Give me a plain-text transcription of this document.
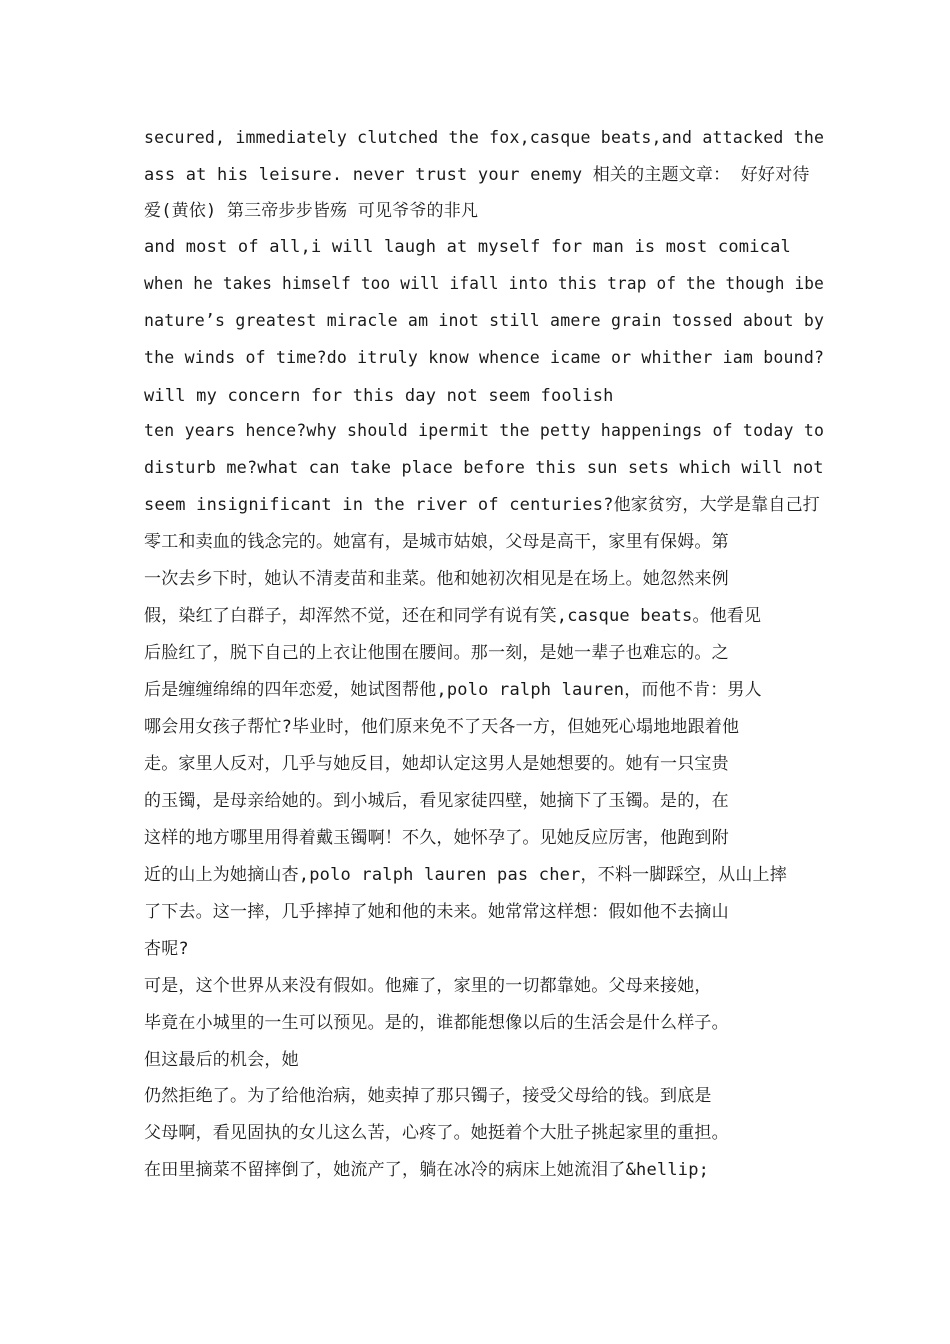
secured, immediately clutched the fox,casque beats,and attacked the
ass at his leisure. never trust your enemy 相关的主题文章： 好好对待
爱(黄依) 第三帝步步皆殇 可见爷爷的非凡
and most of all,i will laugh at myself for man is most comical
when he takes himself too will ifall into this trap of the though ibe
nature’s greatest miracle am inot still amere grain tossed about by
the winds of time?do itruly know whence icame or whither iam bound?
will my concern for this day not seem foolish
ten years hence?why should ipermit the petty happenings of today to
disturb me?what can take place before this sun sets which will not
seem insignificant in the river of centuries?他家贫穷，大学是靠自己打
零工和卖血的钱念完的。她富有，是城市姑娘，父母是高干，家里有保姆。第
一次去乡下时，她认不清麦苗和韭菜。他和她初次相见是在场上。她忽然来例
假，染红了白群子，却浑然不觉，还在和同学有说有笑,casque beats。他看见
后脸红了，脱下自己的上衣让他围在腰间。那一刻，是她一辈子也难忘的。之
后是缠缠绵绵的四年恋爱，她试图帮他,polo ralph lauren，而他不肯：男人
哪会用女孩子帮忙?毕业时，他们原来免不了天各一方，但她死心塌地地跟着他
走。家里人反对，几乎与她反目，她却认定这男人是她想要的。她有一只宝贵
的玉镯，是母亲给她的。到小城后，看见家徒四壁，她摘下了玉镯。是的，在
这样的地方哪里用得着戴玉镯啊！不久，她怀孕了。见她反应厉害，他跑到附
近的山上为她摘山杏,polo ralph lauren pas cher，不料一脚踩空，从山上摔
了下去。这一摔，几乎摔掉了她和他的未来。她常常这样想：假如他不去摘山
杏呢?
可是，这个世界从来没有假如。他瘫了，家里的一切都靠她。父母来接她，
毕竟在小城里的一生可以预见。是的，谁都能想像以后的生活会是什么样子。
但这最后的机会，她
仍然拒绝了。为了给他治病，她卖掉了那只镯子，接受父母给的钱。到底是
父母啊，看见固执的女儿这么苦，心疼了。她挺着个大肚子挑起家里的重担。
在田里摘菜不留摔倒了，她流产了，躺在冰冷的病床上她流泪了&hellip;
